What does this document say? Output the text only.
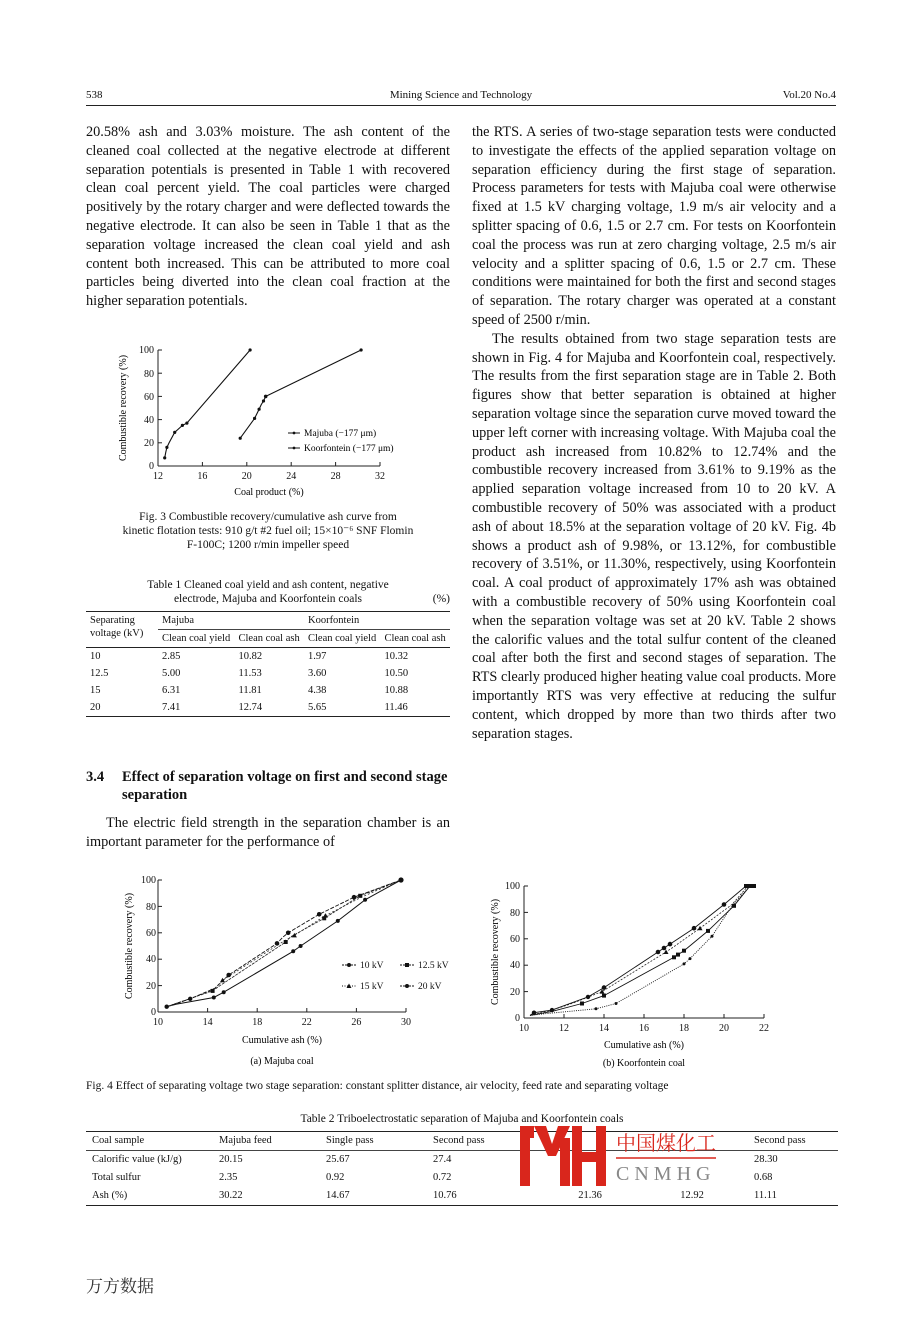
538	Mining Science and Technology	Vol.20 No.4

20.58% ash and 3.03% moisture. The ash content of the cleaned coal collected at the negative electrode at different separation potentials is presented in Table 1 with recovered clean coal percent yield. The coal particles were charged positively by the rotary charger and were deflected towards the negative electrode. It can also be seen in Table 1 that as the separation voltage increased the clean coal yield and ash content both increased. This can be attributed to more coal particles being diverted into the clean coal fraction at the higher separation potentials.

0
20
40
60
80
100
12	16	20	24	28	32
Coal product (%)
Combustible recovery (%)	Majuba (−177 μm)
Koorfontein (−177 μm)
Fig. 3 Combustible recovery/cumulative ash curve from
kinetic flotation tests: 910 g/t #2 fuel oil; 15×10⁻⁶ SNF Flomin
F-100C; 1200 r/min impeller speed
Table 1 Cleaned coal yield and ash content, negative
electrode, Majuba and Koorfontein coals	(%)
Separating voltage (kV)	Majuba		Koorfontein	
	Clean coal yield	Clean coal ash	Clean coal yield	Clean coal ash
10	2.85	10.82	1.97	10.32
12.5	5.00	11.53	3.60	10.50
15	6.31	11.81	4.38	10.88
20	7.41	12.74	5.65	11.46
3.4	Effect of separation voltage on first and second stage separation

The electric field strength in the separation chamber is an important parameter for the performance of

the RTS. A series of two-stage separation tests were conducted to investigate the effects of the applied separation voltage on separation efficiency during the first stage of separation. Process parameters for tests with Majuba coal were otherwise fixed at 1.5 kV charging voltage, 1.9 m/s air velocity and a splitter spacing of 0.6, 1.5 or 2.7 cm. For tests on Koorfontein coal the process was run at zero charging voltage, 2.5 m/s air velocity and a splitter spacing of 0.6, 1.5 or 2.7 cm. These conditions were maintained for both the first and second stages of separation. The rotary charger was operated at a constant speed of 2500 r/min.

The results obtained from two stage separation tests are shown in Fig. 4 for Majuba and Koorfontein coal, respectively. The results from the first separation stage are in Table 2. Both figures show that better separation is obtained at higher separation voltage since the separation curve moved toward the upper left corner with increasing voltage. With Majuba coal the product ash increased from 10.82% to 12.74% and the combustible recovery increased from 3.61% to 9.19% as the applied separation voltage increased from 10 to 20 kV. A combustible recovery of 50% was associated with a product ash of about 18.5% at the separation voltage of 20 kV. Fig. 4b shows a product ash of 9.98%, or 13.12%, for combustible recovery of 3.51%, or 11.30%, respectively, using Koorfontein coal. A coal product of approximately 17% ash was obtained with a combustible recovery of 50% using Koorfontein coal when the separation voltage was set at 20 kV. Table 2 shows the calorific values and the total sulfur content of the cleaned coal after both the first and second stages of separation. The RTS clearly produced higher heating value coal products. More importantly RTS was very effective at reducing the sulfur content, which dropped by more than two thirds after two separation stages.

0
20
40
60
80
100
10	14	18	22	26	30
Cumulative ash (%)
Combustible recovery (%)	10 kV	12.5 kV
15 kV	20 kV
(a) Majuba coal
0
20
40
60
80
100
10	12	14	16	18	20	22
Cumulative ash (%)
Combustible recovery (%)
(b) Koorfontein coal
Fig. 4 Effect of separating voltage two stage separation: constant splitter distance, air velocity, feed rate and separating voltage
Table 2 Triboelectrostatic separation of Majuba and Koorfontein coals
Coal sample	Majuba feed	Single pass	Second pass			Second pass
Calorific value (kJ/g)	20.15	25.67	27.4			28.30
Total sulfur	2.35	0.92	0.72			0.68
Ash (%)	30.22	14.67	10.76	21.36	12.92	11.11
中国煤化工
CNMHG
万方数据
